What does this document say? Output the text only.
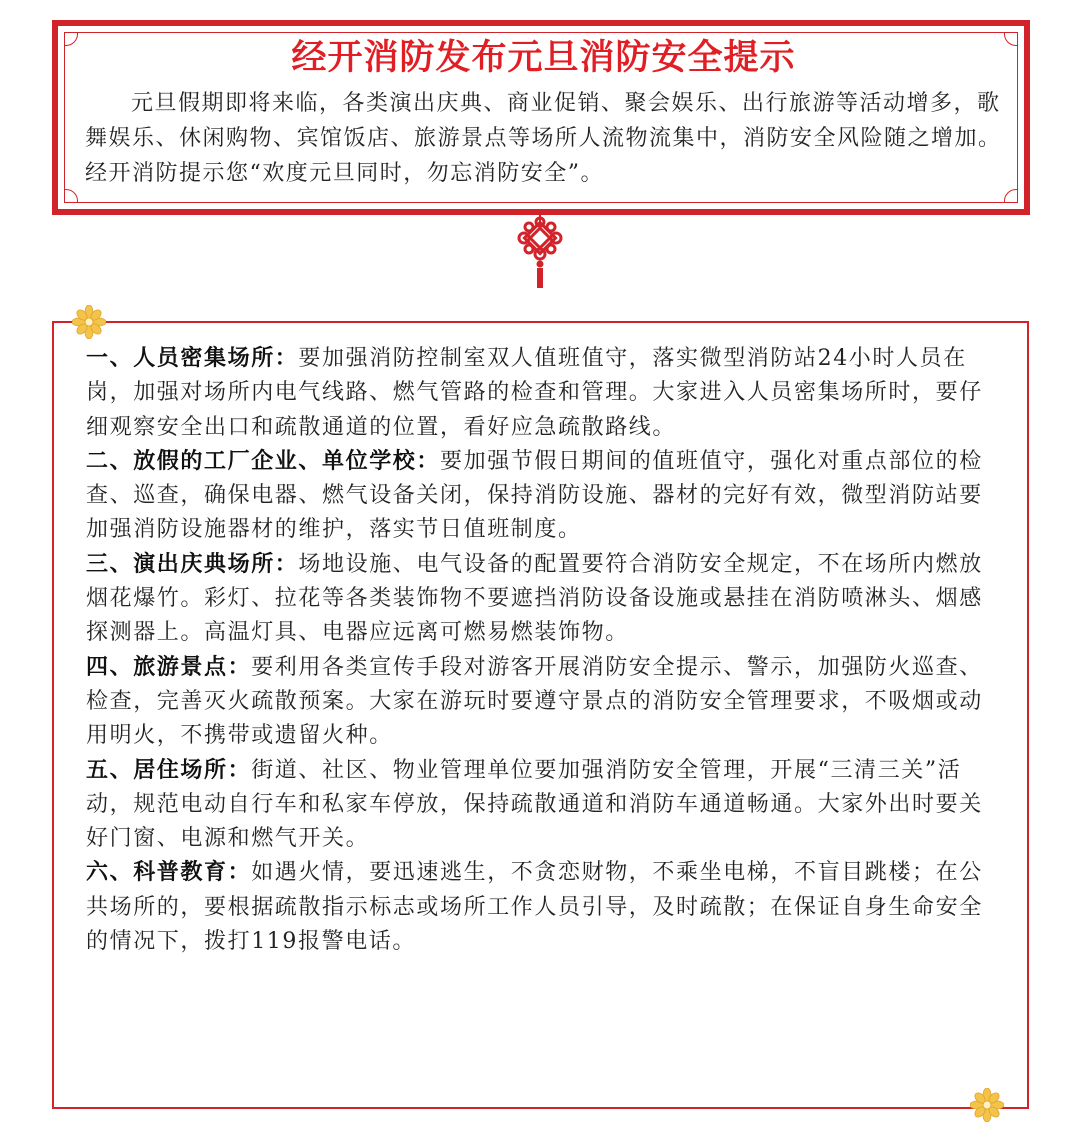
经开消防发布元旦消防安全提示

元旦假期即将来临，各类演出庆典、商业促销、聚会娱乐、出行旅游等活动增多，歌舞娱乐、休闲购物、宾馆饭店、旅游景点等场所人流物流集中，消防安全风险随之增加。经开消防提示您“欢度元旦同时，勿忘消防安全”。

一、人员密集场所：要加强消防控制室双人值班值守，落实微型消防站24小时人员在岗，加强对场所内电气线路、燃气管路的检查和管理。大家进入人员密集场所时，要仔细观察安全出口和疏散通道的位置，看好应急疏散路线。

二、放假的工厂企业、单位学校：要加强节假日期间的值班值守，强化对重点部位的检查、巡查，确保电器、燃气设备关闭，保持消防设施、器材的完好有效，微型消防站要加强消防设施器材的维护，落实节日值班制度。

三、演出庆典场所：场地设施、电气设备的配置要符合消防安全规定，不在场所内燃放烟花爆竹。彩灯、拉花等各类装饰物不要遮挡消防设备设施或悬挂在消防喷淋头、烟感探测器上。高温灯具、电器应远离可燃易燃装饰物。

四、旅游景点：要利用各类宣传手段对游客开展消防安全提示、警示，加强防火巡查、检查，完善灭火疏散预案。大家在游玩时要遵守景点的消防安全管理要求，不吸烟或动用明火，不携带或遗留火种。

五、居住场所：街道、社区、物业管理单位要加强消防安全管理，开展“三清三关”活动，规范电动自行车和私家车停放，保持疏散通道和消防车通道畅通。大家外出时要关好门窗、电源和燃气开关。

六、科普教育：如遇火情，要迅速逃生，不贪恋财物，不乘坐电梯，不盲目跳楼；在公共场所的，要根据疏散指示标志或场所工作人员引导，及时疏散；在保证自身生命安全的情况下，拨打119报警电话。
